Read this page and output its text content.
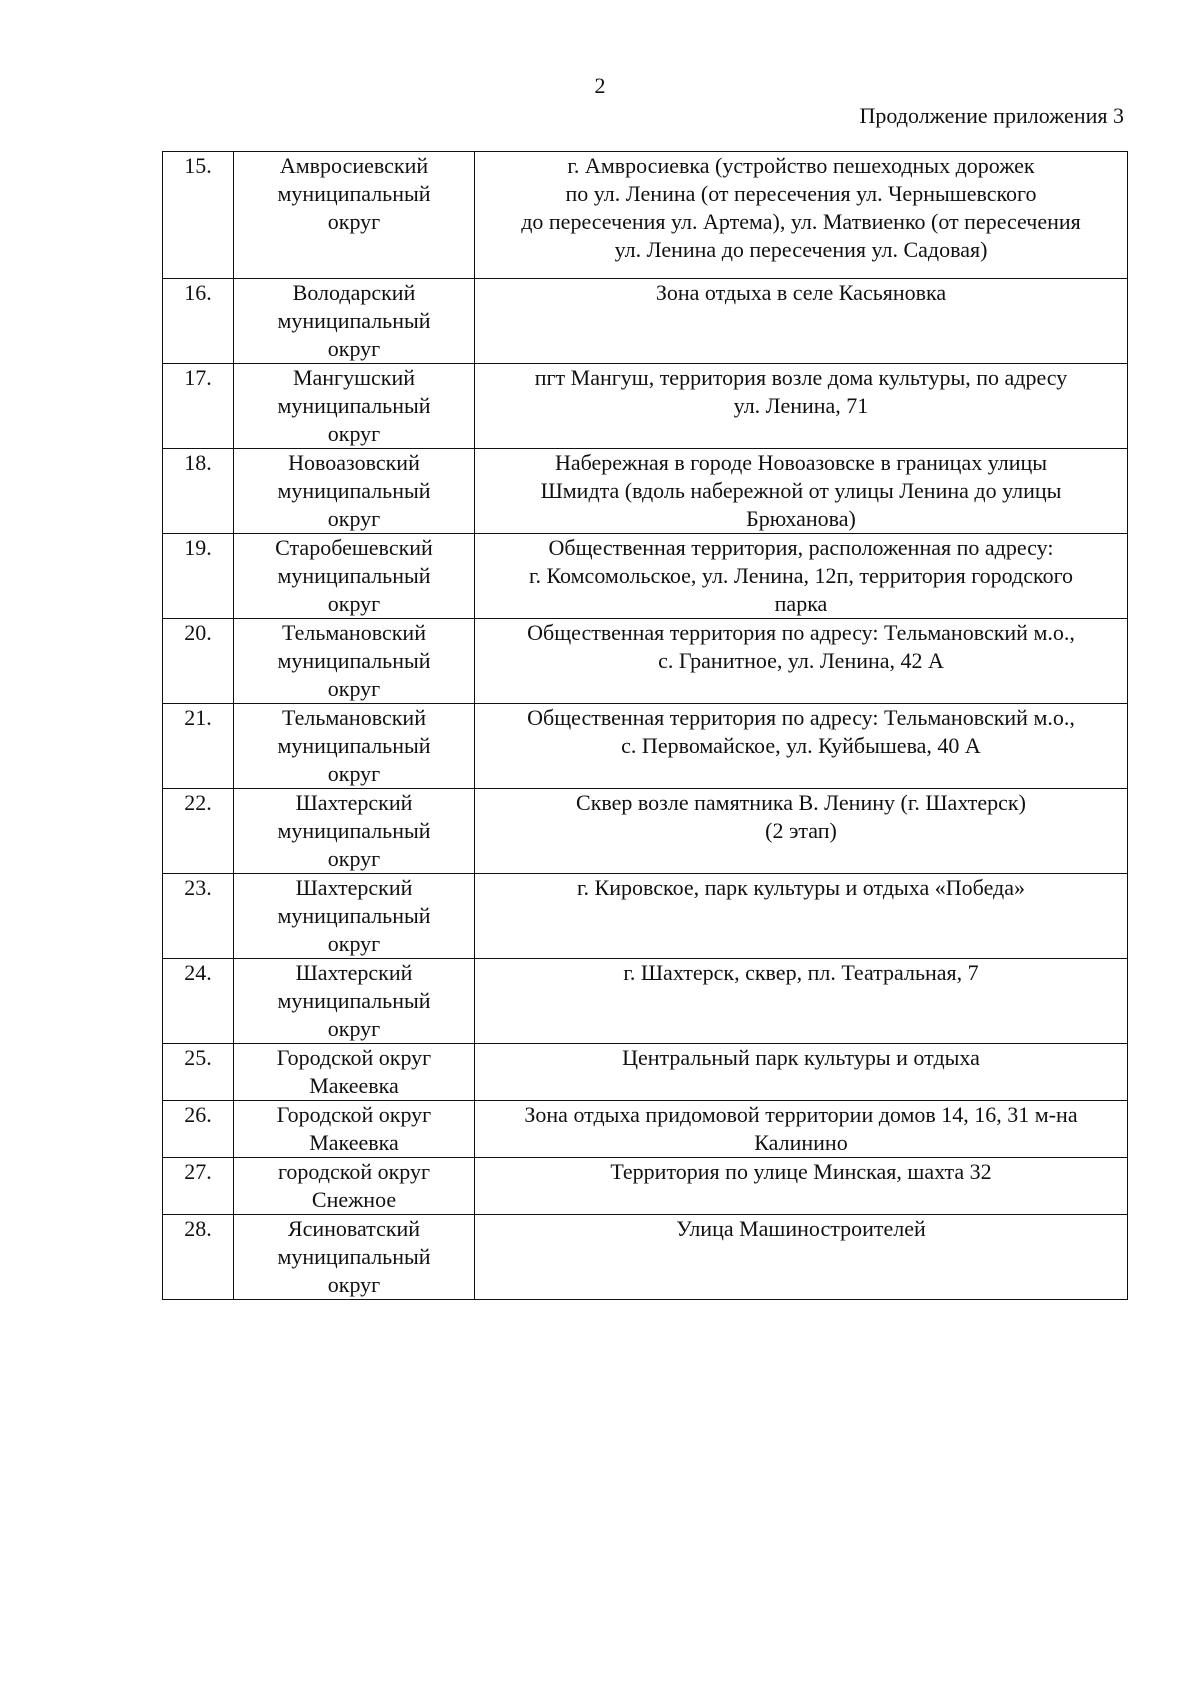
2
Продолжение приложения 3
15.	Амвросиевский
муниципальный
округ	г. Амвросиевка (устройство пешеходных дорожек
по ул. Ленина (от пересечения ул. Чернышевского
до пересечения ул. Артема), ул. Матвиенко (от пересечения
ул. Ленина до пересечения ул. Садовая)

16.	Володарский
муниципальный
округ	Зона отдыха в селе Касьяновка

17.	Мангушский
муниципальный
округ	пгт Мангуш, территория возле дома культуры, по адресу
ул. Ленина, 71

18.	Новоазовский
муниципальный
округ	Набережная в городе Новоазовске в границах улицы
Шмидта (вдоль набережной от улицы Ленина до улицы
Брюханова)

19.	Старобешевский
муниципальный
округ	Общественная территория, расположенная по адресу:
г. Комсомольское, ул. Ленина, 12п, территория городского
парка

20.	Тельмановский
муниципальный
округ	Общественная территория по адресу: Тельмановский м.о.,
с. Гранитное, ул. Ленина, 42 А

21.	Тельмановский
муниципальный
округ	Общественная территория по адресу: Тельмановский м.о.,
с. Первомайское, ул. Куйбышева, 40 А

22.	Шахтерский
муниципальный
округ	Сквер возле памятника В. Ленину (г. Шахтерск)
(2 этап)

23.	Шахтерский
муниципальный
округ	г. Кировское, парк культуры и отдыха «Победа»

24.	Шахтерский
муниципальный
округ	г. Шахтерск, сквер, пл. Театральная, 7

25.	Городской округ
Макеевка	Центральный парк культуры и отдыха

26.	Городской округ
Макеевка	Зона отдыха придомовой территории домов 14, 16, 31 м-на
Калинино

27.	городской округ
Снежное	Территория по улице Минская, шахта 32

28.	Ясиноватский
муниципальный
округ	Улица Машиностроителей
